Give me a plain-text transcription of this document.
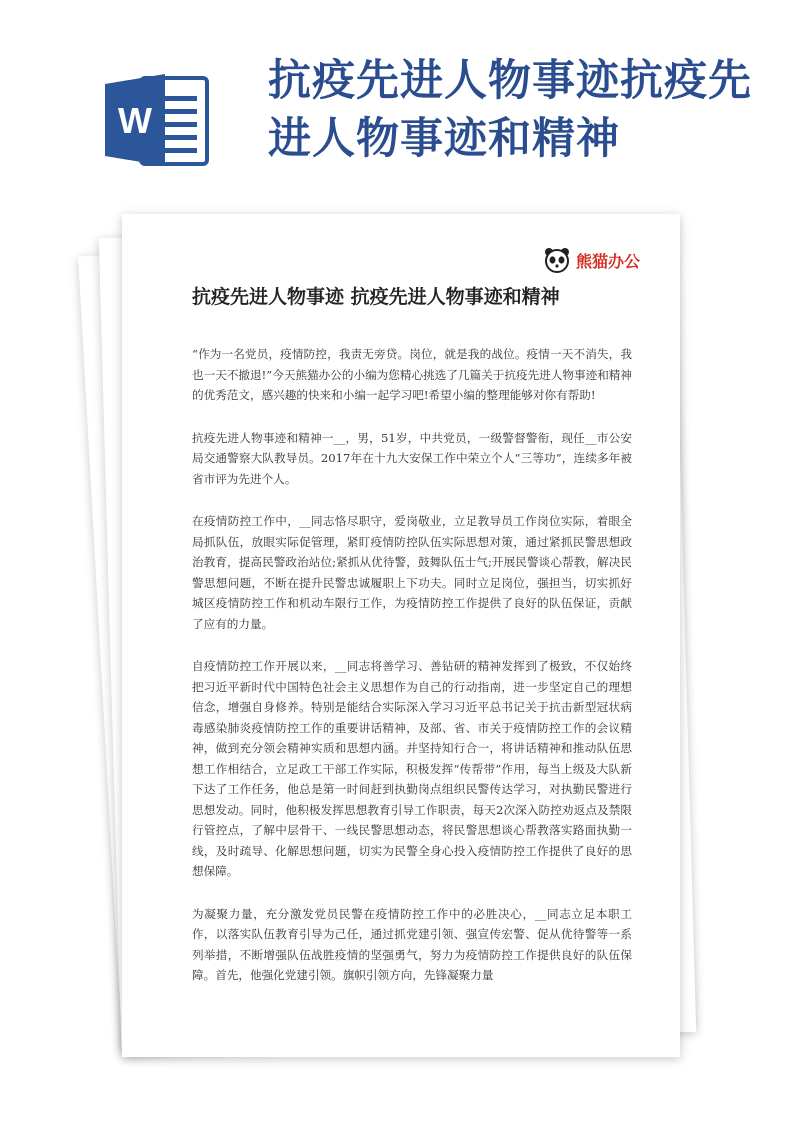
W
抗疫先进人物事迹抗疫先进人物事迹和精神
熊猫办公
抗疫先进人物事迹 抗疫先进人物事迹和精神

“作为一名党员，疫情防控，我责无旁贷。岗位，就是我的战位。疫情一天不消失，我也一天不撤退!”今天熊猫办公的小编为您精心挑选了几篇关于抗疫先进人物事迹和精神的优秀范文，感兴趣的快来和小编一起学习吧!希望小编的整理能够对你有帮助!

抗疫先进人物事迹和精神一__，男，51岁，中共党员，一级警督警衔，现任__市公安局交通警察大队教导员。2017年在十九大安保工作中荣立个人“三等功”，连续多年被省市评为先进个人。

在疫情防控工作中，__同志恪尽职守，爱岗敬业，立足教导员工作岗位实际，着眼全局抓队伍，放眼实际促管理，紧盯疫情防控队伍实际思想对策，通过紧抓民警思想政治教育，提高民警政治站位;紧抓从优待警，鼓舞队伍士气;开展民警谈心帮教，解决民警思想问题，不断在提升民警忠诚履职上下功夫。同时立足岗位，强担当，切实抓好城区疫情防控工作和机动车限行工作，为疫情防控工作提供了良好的队伍保证，贡献了应有的力量。

自疫情防控工作开展以来，__同志将善学习、善钻研的精神发挥到了极致，不仅始终把习近平新时代中国特色社会主义思想作为自己的行动指南，进一步坚定自己的理想信念，增强自身修养。特别是能结合实际深入学习习近平总书记关于抗击新型冠状病毒感染肺炎疫情防控工作的重要讲话精神，及部、省、市关于疫情防控工作的会议精神，做到充分领会精神实质和思想内涵。并坚持知行合一，将讲话精神和推动队伍思想工作相结合，立足政工干部工作实际，积极发挥“传帮带”作用，每当上级及大队新下达了工作任务，他总是第一时间赶到执勤岗点组织民警传达学习，对执勤民警进行思想发动。同时，他积极发挥思想教育引导工作职责，每天2次深入防控劝返点及禁限行管控点，了解中层骨干、一线民警思想动态，将民警思想谈心帮教落实路面执勤一线，及时疏导、化解思想问题，切实为民警全身心投入疫情防控工作提供了良好的思想保障。

为凝聚力量，充分激发党员民警在疫情防控工作中的必胜决心，__同志立足本职工作，以落实队伍教育引导为己任，通过抓党建引领、强宣传宏警、促从优待警等一系列举措，不断增强队伍战胜疫情的坚强勇气，努力为疫情防控工作提供良好的队伍保障。首先，他强化党建引领。旗帜引领方向，先锋凝聚力量
